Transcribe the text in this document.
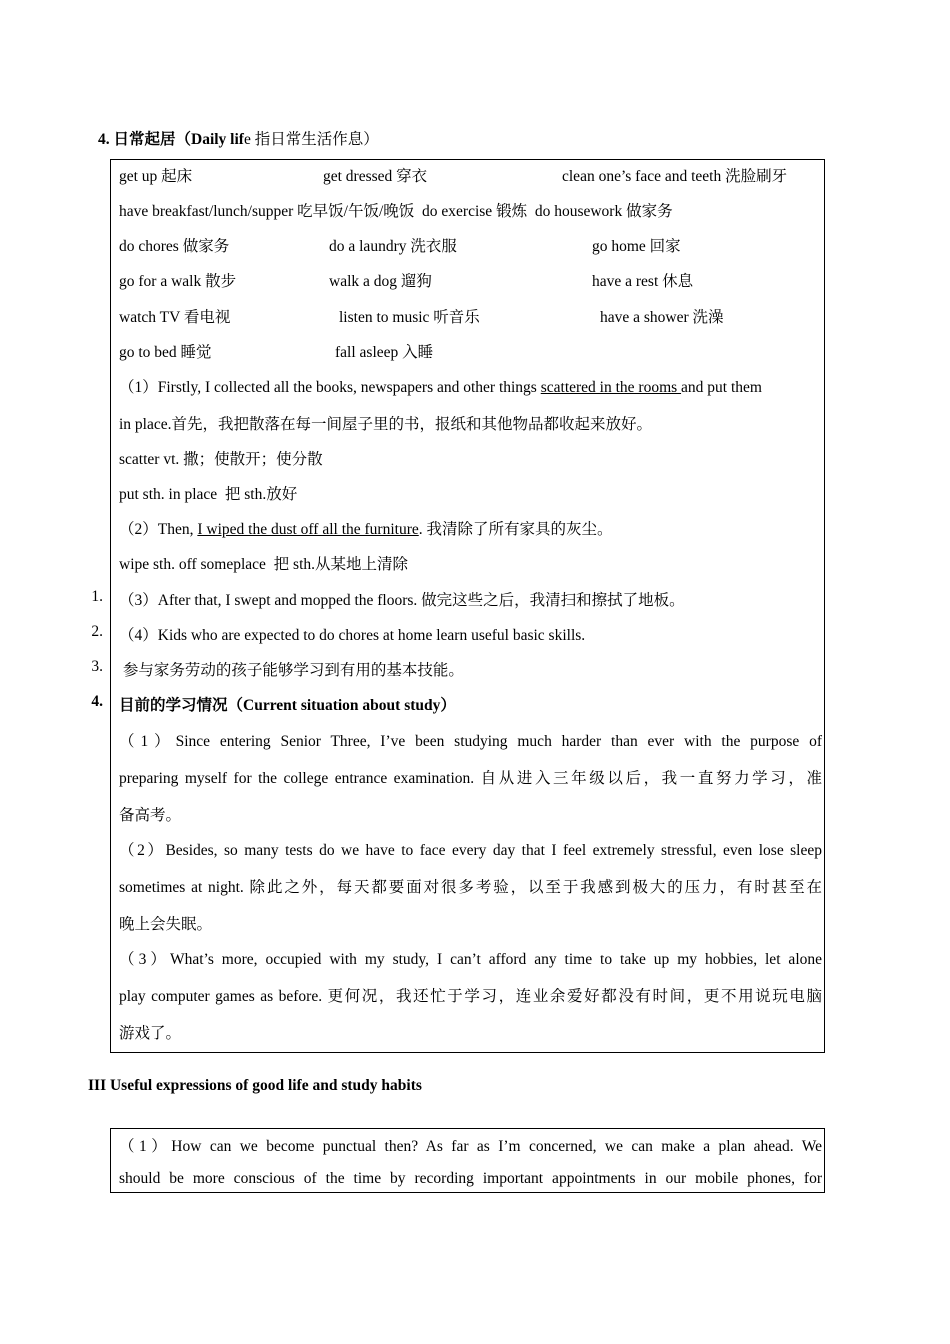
4. 日常起居（Daily life 指日常生活作息）
get up 起床	get dressed 穿衣	clean one’s face and teeth 洗脸刷牙
have breakfast/lunch/supper 吃早饭/午饭/晚饭  do exercise 锻炼  do housework 做家务
do chores 做家务	do a laundry 洗衣服	go home 回家
go for a walk 散步	walk a dog 遛狗	have a rest 休息
watch TV 看电视	listen to music 听音乐	have a shower 洗澡
go to bed 睡觉	fall asleep 入睡
（1）Firstly, I collected all the books, newspapers and other things scattered in the rooms and put them
in place.首先，我把散落在每一间屋子里的书，报纸和其他物品都收起来放好。
scatter vt. 撒；使散开；使分散
put sth. in place  把 sth.放好
（2）Then, I wiped the dust off all the furniture. 我清除了所有家具的灰尘。
wipe sth. off someplace  把 sth.从某地上清除
1.
2.
3.
4.
（3）After that, I swept and mopped the floors. 做完这些之后，我清扫和擦拭了地板。
（4）Kids who are expected to do chores at home learn useful basic skills.
参与家务劳动的孩子能够学习到有用的基本技能。
目前的学习情况（Current situation about study）
（1）Since entering Senior Three, I’ve been studying much harder than ever with the purpose of
preparing myself for the college entrance examination. 自从进入三年级以后，我一直努力学习，准
备高考。
（2）Besides, so many tests do we have to face every day that I feel extremely stressful, even lose sleep
sometimes at night. 除此之外，每天都要面对很多考验，以至于我感到极大的压力，有时甚至在
晚上会失眠。
（3）What’s more, occupied with my study, I can’t afford any time to take up my hobbies, let alone
play computer games as before. 更何况，我还忙于学习，连业余爱好都没有时间，更不用说玩电脑
游戏了。
III Useful expressions of good life and study habits
（1）How can we become punctual then? As far as I’m concerned, we can make a plan ahead. We
should be more conscious of the time by recording important appointments in our mobile phones, for
